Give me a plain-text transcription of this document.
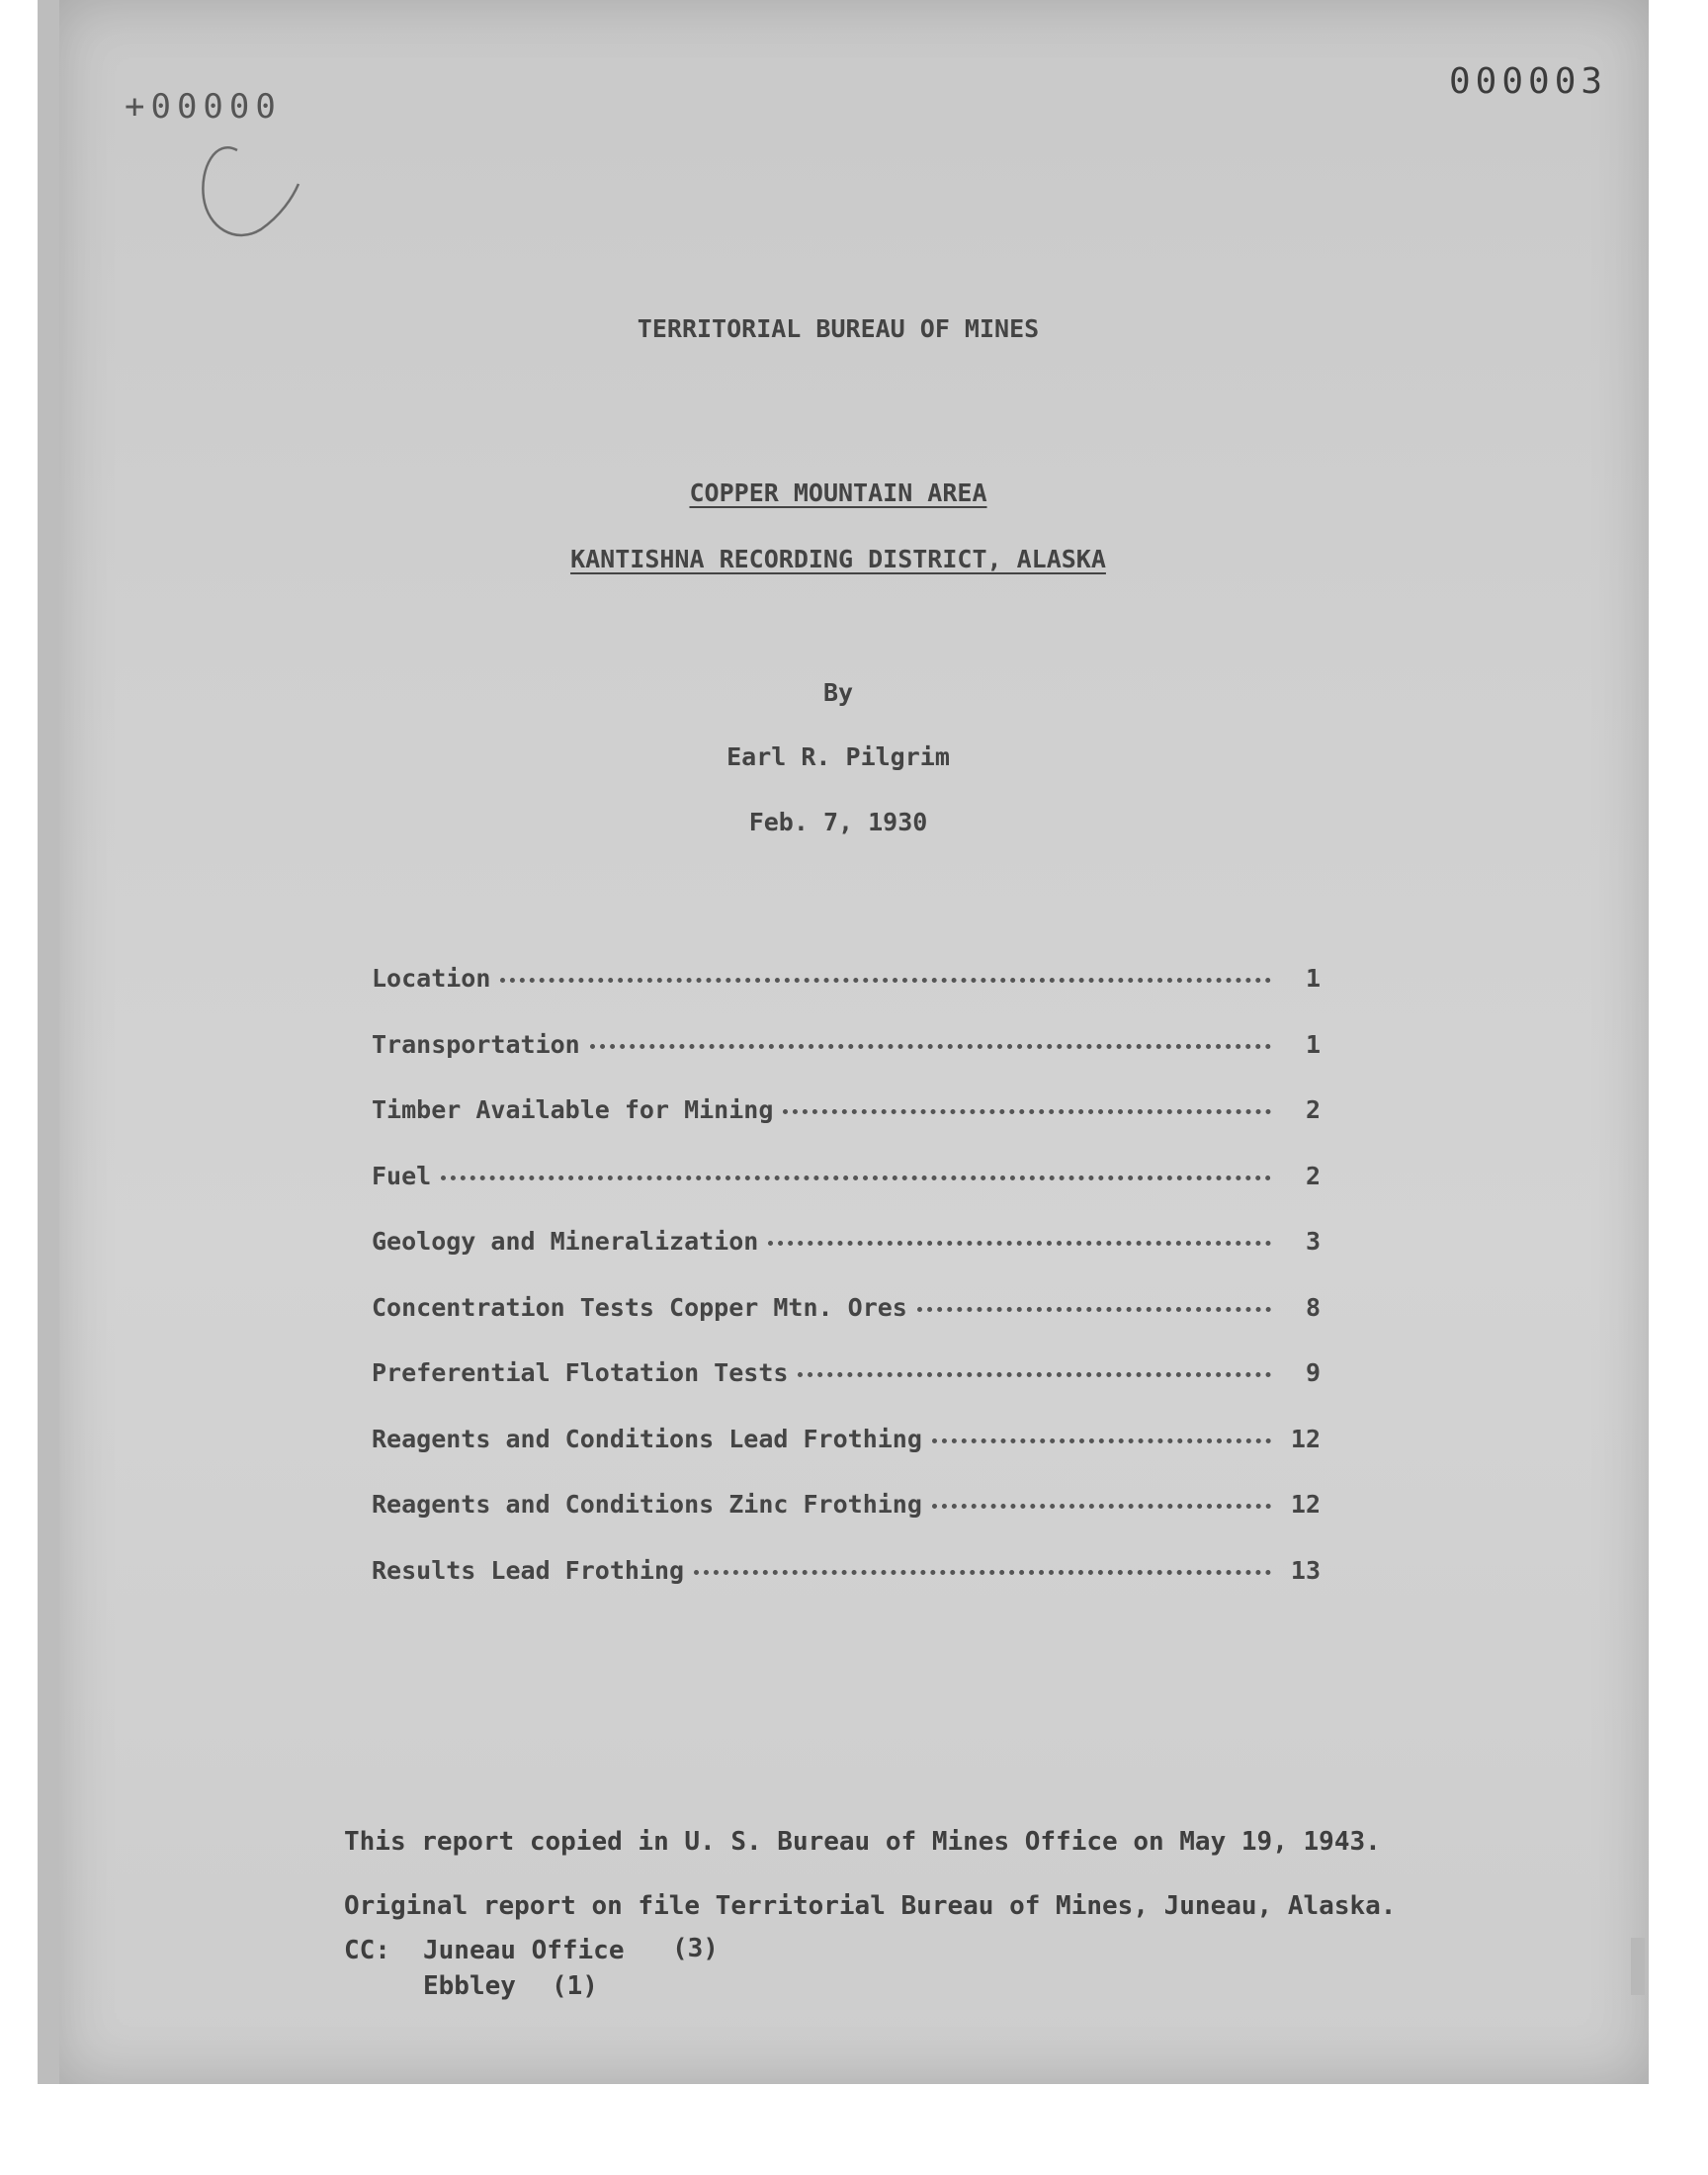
+00000
000003
TERRITORIAL BUREAU OF MINES
COPPER MOUNTAIN AREA
KANTISHNA RECORDING DISTRICT, ALASKA
By
Earl R. Pilgrim
Feb. 7, 1930
Location	1
Transportation	1
Timber Available for Mining	2
Fuel	2
Geology and Mineralization	3
Concentration Tests Copper Mtn. Ores	8
Preferential Flotation Tests	9
Reagents and Conditions Lead Frothing	12
Reagents and Conditions Zinc Frothing	12
Results Lead Frothing	13
This report copied in U. S. Bureau of Mines Office on May 19, 1943.
Original report on file Territorial Bureau of Mines, Juneau, Alaska.
CC: Juneau Office (3)
Ebbley (1)
